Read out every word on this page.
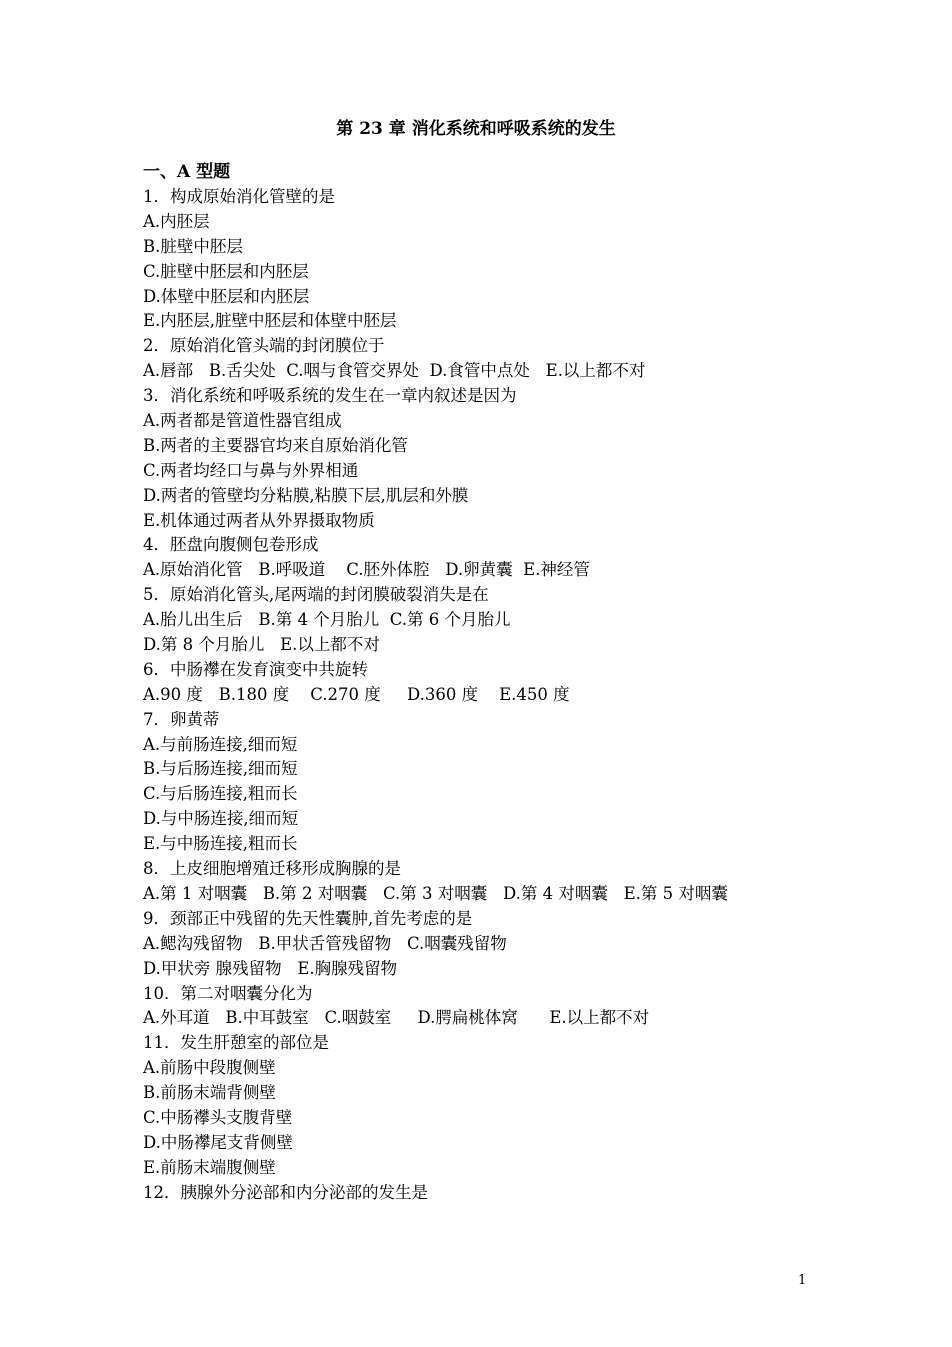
第 23 章 消化系统和呼吸系统的发生
一、A 型题
1．构成原始消化管壁的是
A.内胚层
B.脏壁中胚层
C.脏壁中胚层和内胚层
D.体壁中胚层和内胚层
E.内胚层,脏壁中胚层和体壁中胚层
2．原始消化管头端的封闭膜位于
A.唇部   B.舌尖处  C.咽与食管交界处  D.食管中点处   E.以上都不对
3．消化系统和呼吸系统的发生在一章内叙述是因为
A.两者都是管道性器官组成
B.两者的主要器官均来自原始消化管
C.两者均经口与鼻与外界相通
D.两者的管壁均分粘膜,粘膜下层,肌层和外膜
E.机体通过两者从外界摄取物质
4．胚盘向腹侧包卷形成
A.原始消化管   B.呼吸道    C.胚外体腔   D.卵黄囊  E.神经管
5．原始消化管头,尾两端的封闭膜破裂消失是在
A.胎儿出生后   B.第 4 个月胎儿  C.第 6 个月胎儿
D.第 8 个月胎儿   E.以上都不对
6．中肠襻在发育演变中共旋转
A.90 度   B.180 度    C.270 度     D.360 度    E.450 度
7．卵黄蒂
A.与前肠连接,细而短
B.与后肠连接,细而短
C.与后肠连接,粗而长
D.与中肠连接,细而短
E.与中肠连接,粗而长
8．上皮细胞增殖迁移形成胸腺的是
A.第 1 对咽囊   B.第 2 对咽囊   C.第 3 对咽囊   D.第 4 对咽囊   E.第 5 对咽囊
9．颈部正中残留的先天性囊肿,首先考虑的是
A.鳃沟残留物   B.甲状舌管残留物   C.咽囊残留物
D.甲状旁 腺残留物   E.胸腺残留物
10．第二对咽囊分化为
A.外耳道   B.中耳鼓室   C.咽鼓室     D.腭扁桃体窝      E.以上都不对
11．发生肝憩室的部位是
A.前肠中段腹侧壁
B.前肠末端背侧壁
C.中肠襻头支腹背壁
D.中肠襻尾支背侧壁
E.前肠末端腹侧壁
12．胰腺外分泌部和内分泌部的发生是
1
